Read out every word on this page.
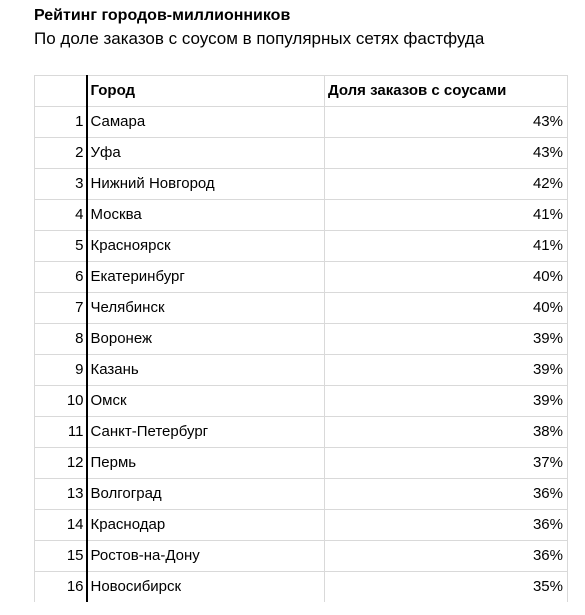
Рейтинг городов-миллионников
По доле заказов с соусом в популярных сетях фастфуда
	Город	Доля заказов с соусами
1	Самара	43%
2	Уфа	43%
3	Нижний Новгород	42%
4	Москва	41%
5	Красноярск	41%
6	Екатеринбург	40%
7	Челябинск	40%
8	Воронеж	39%
9	Казань	39%
10	Омск	39%
11	Санкт-Петербург	38%
12	Пермь	37%
13	Волгоград	36%
14	Краснодар	36%
15	Ростов-на-Дону	36%
16	Новосибирск	35%
